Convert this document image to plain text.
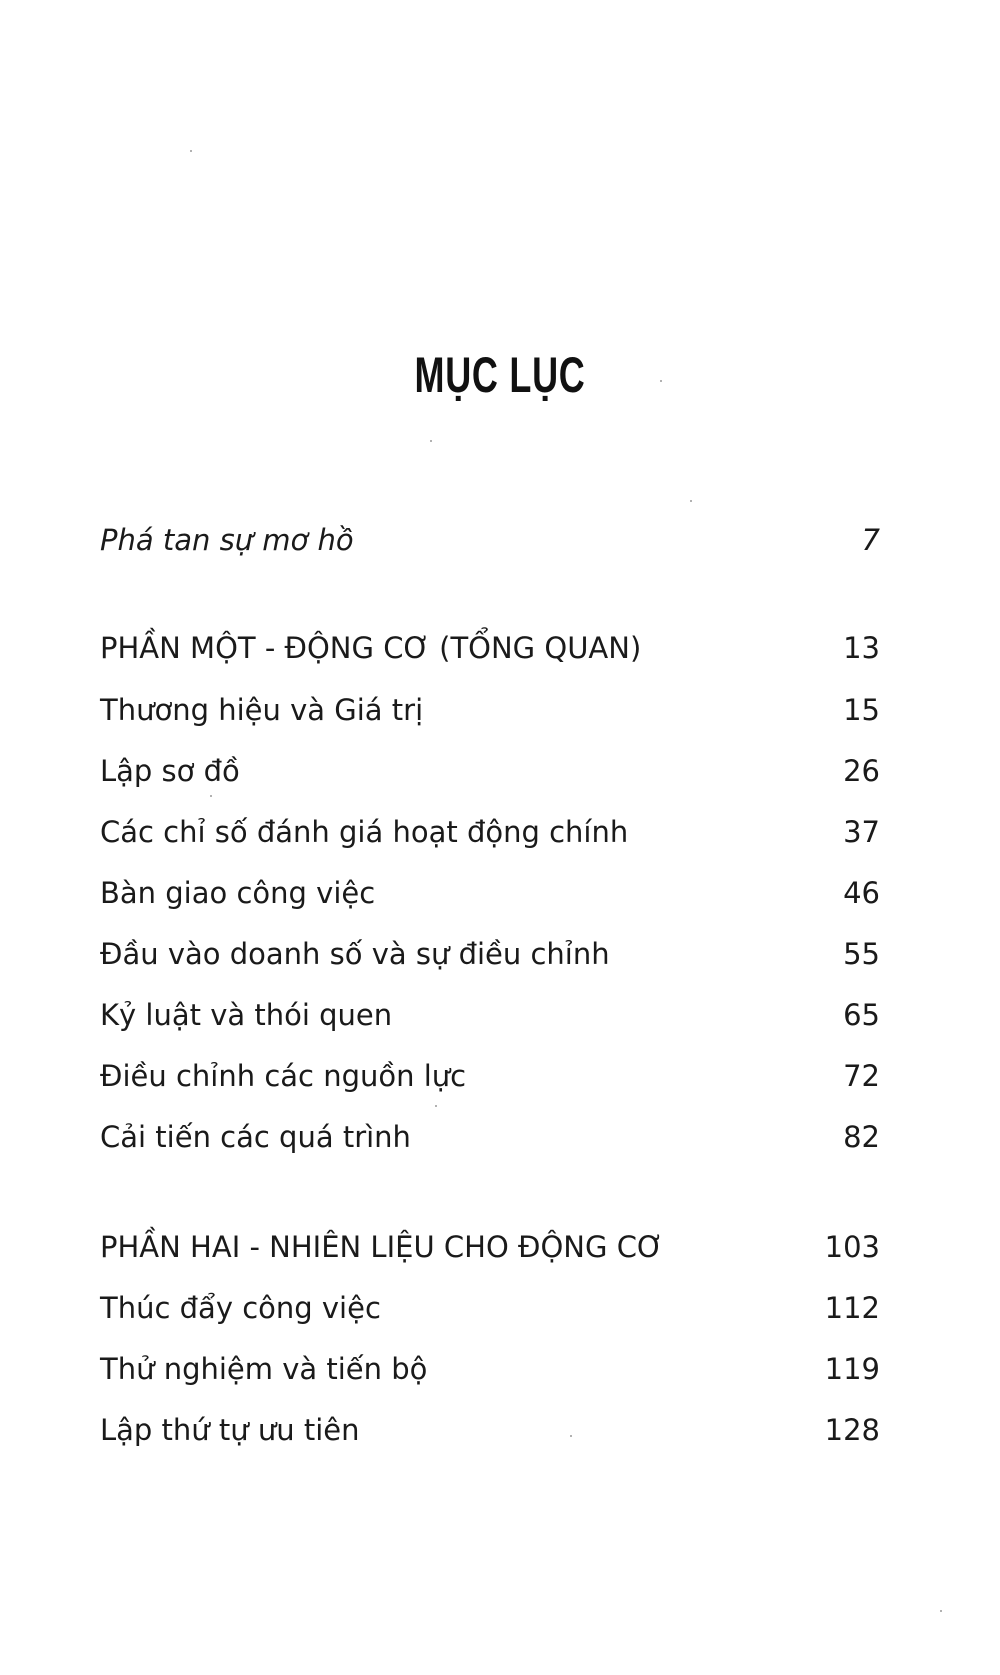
MỤC LỤC
Phá tan sự mơ hồ	7
PHẦN MỘT - ĐỘNG CƠ (TỔNG QUAN)	13
Thương hiệu và Giá trị	15
Lập sơ đồ	26
Các chỉ số đánh giá hoạt động chính	37
Bàn giao công việc	46
Đầu vào doanh số và sự điều chỉnh	55
Kỷ luật và thói quen	65
Điều chỉnh các nguồn lực	72
Cải tiến các quá trình	82
PHẦN HAI - NHIÊN LIỆU CHO ĐỘNG CƠ	103
Thúc đẩy công việc	112
Thử nghiệm và tiến bộ	119
Lập thứ tự ưu tiên	128
